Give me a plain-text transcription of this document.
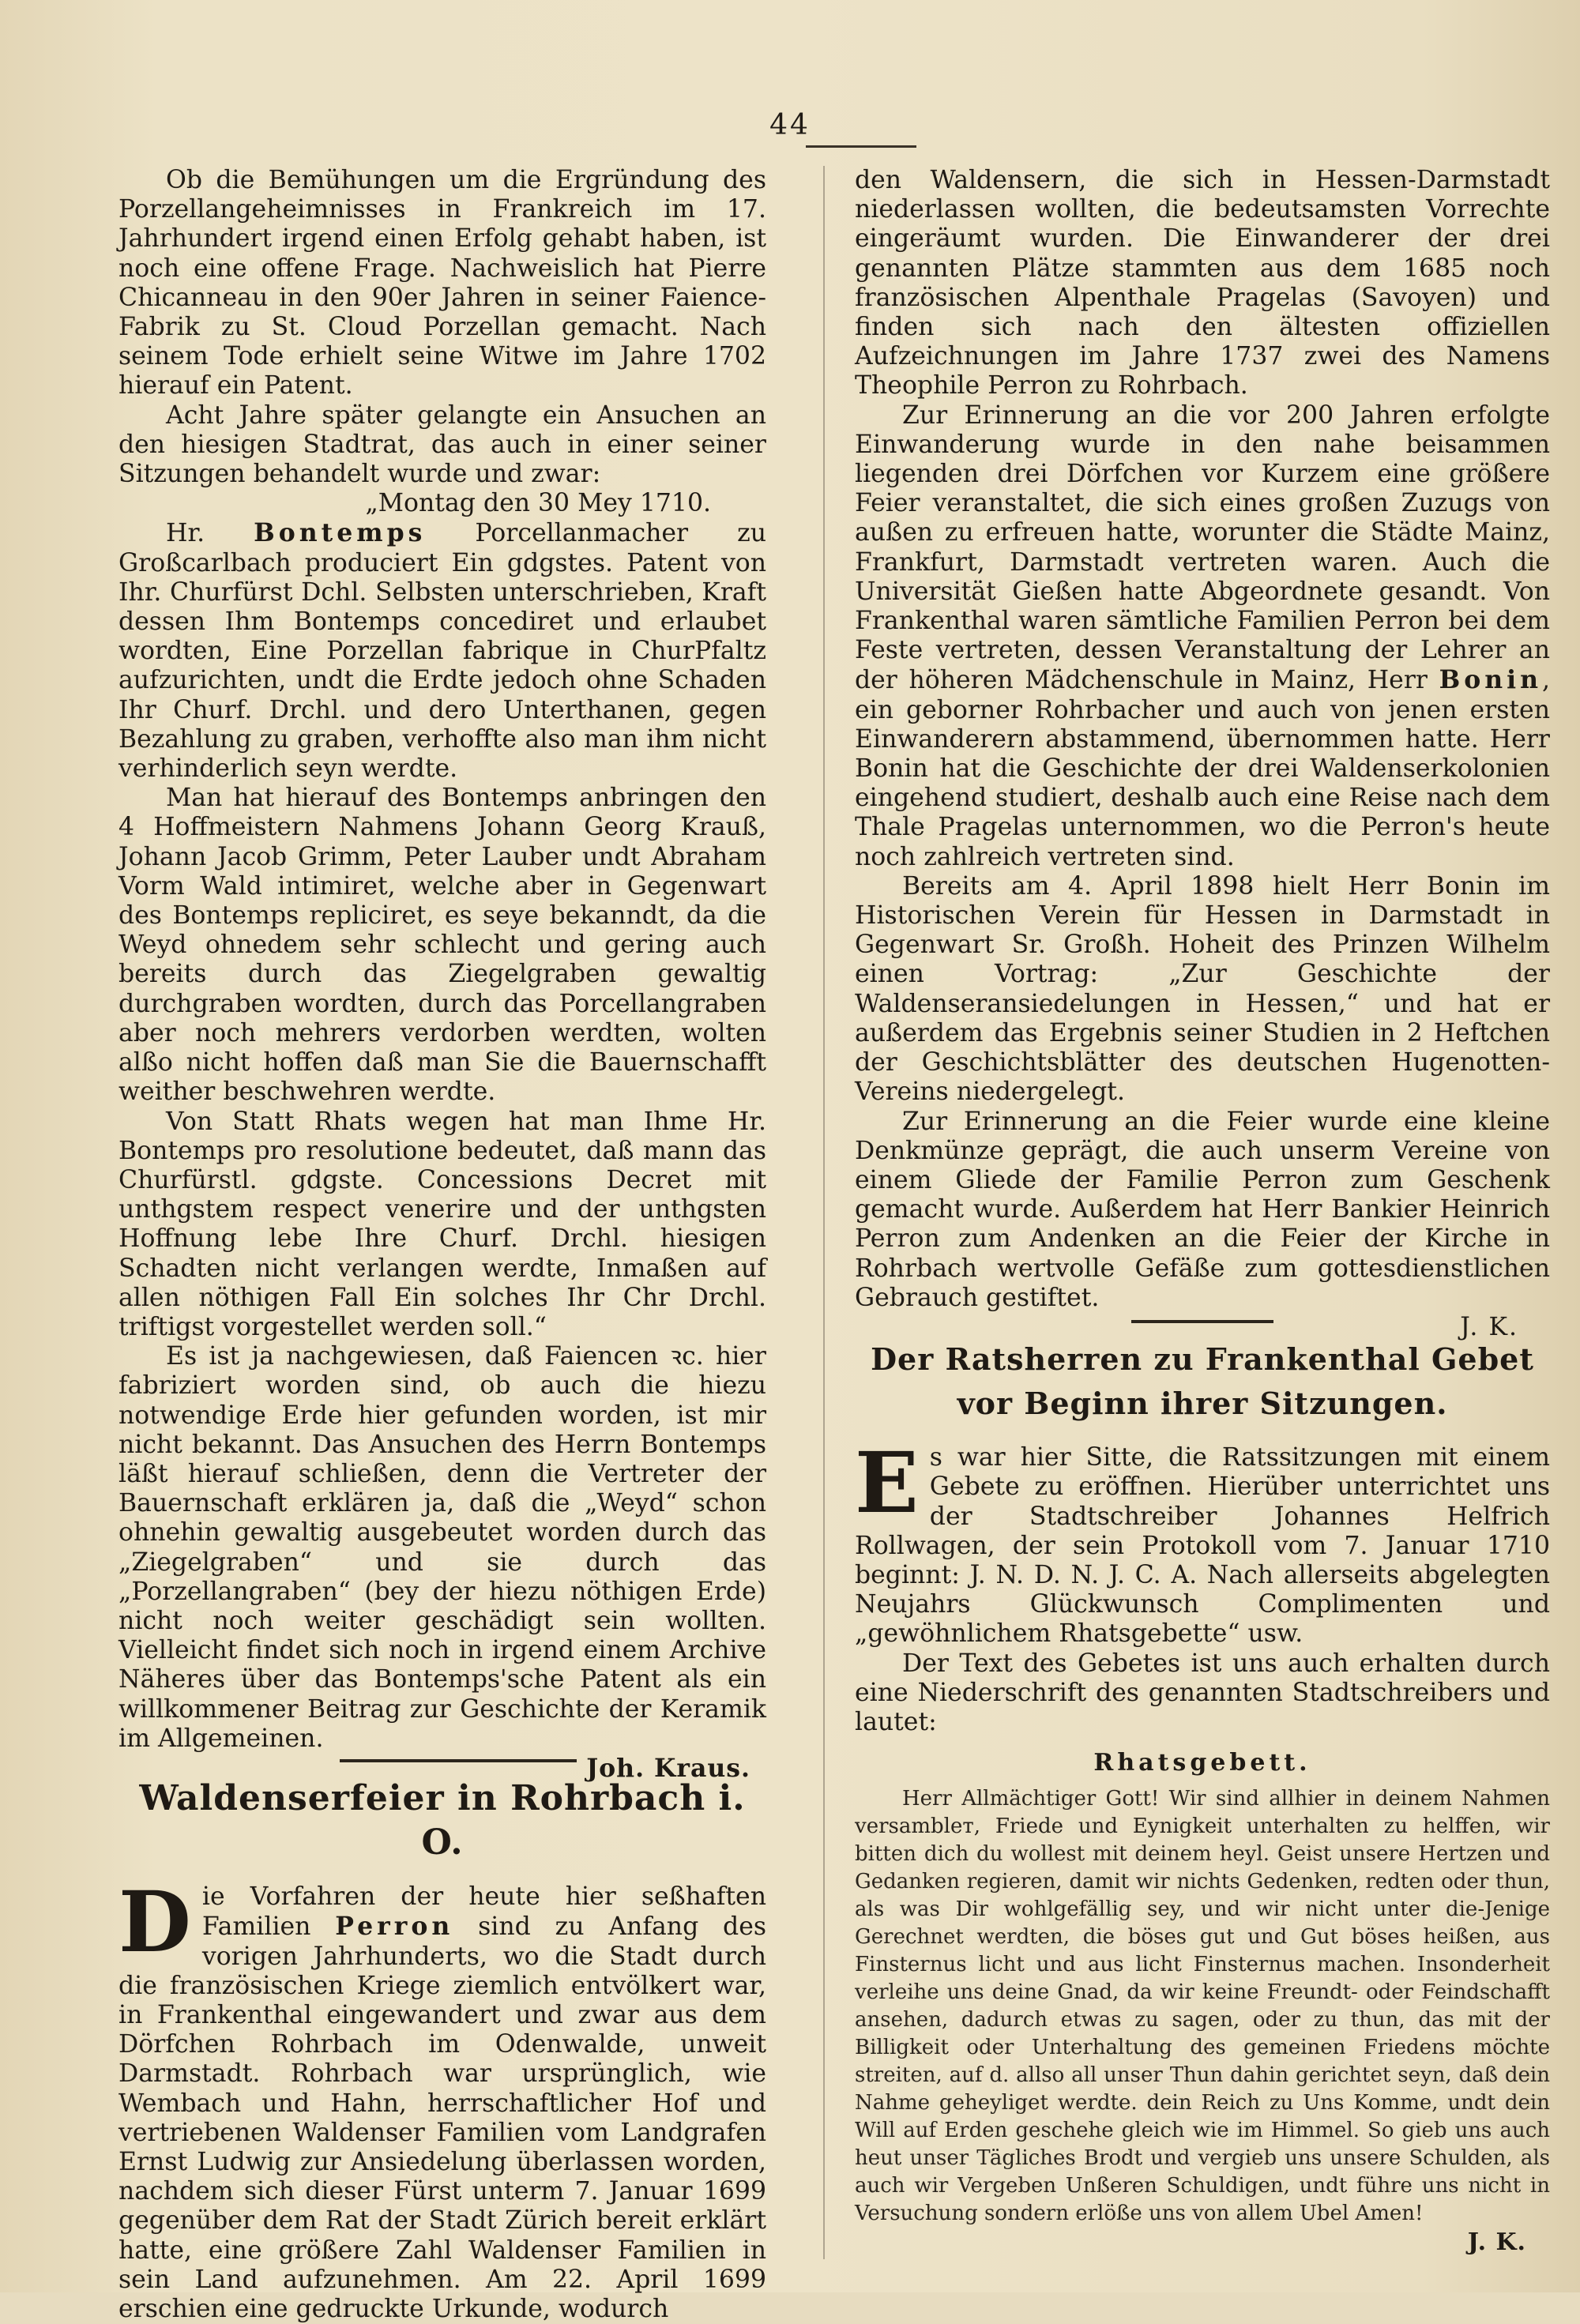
44

Ob die Bemühungen um die Ergründung des Porzellangeheimnisses in Frankreich im 17. Jahrhundert irgend einen Erfolg gehabt haben, ist noch eine offene Frage. Nachweislich hat Pierre Chicanneau in den 90er Jahren in seiner Faience-Fabrik zu St. Cloud Porzellan gemacht. Nach seinem Tode erhielt seine Witwe im Jahre 1702 hierauf ein Patent.

Acht Jahre später gelangte ein Ansuchen an den hiesigen Stadtrat, das auch in einer seiner Sitzungen behandelt wurde und zwar:

„Montag den 30 Mey 1710.

Hr. Bontemps Porcellanmacher zu Großcarlbach produciert Ein gdgstes. Patent von Ihr. Churfürst Dchl. Selbsten unterschrieben, Kraft dessen Ihm Bontemps concediret und erlaubet wordten, Eine Porzellan fabrique in ChurPfaltz aufzurichten, undt die Erdte jedoch ohne Schaden Ihr Churf. Drchl. und dero Unterthanen, gegen Bezahlung zu graben, verhoffte also man ihm nicht verhinderlich seyn werdte.

Man hat hierauf des Bontemps anbringen den 4 Hoffmeistern Nahmens Johann Georg Krauß, Johann Jacob Grimm, Peter Lauber undt Abraham Vorm Wald intimiret, welche aber in Gegenwart des Bontemps repliciret, es seye bekanndt, da die Weyd ohnedem sehr schlecht und gering auch bereits durch das Ziegelgraben gewaltig durchgraben wordten, durch das Porcellangraben aber noch mehrers verdorben werdten, wolten alßo nicht hoffen daß man Sie die Bauernschafft weither beschwehren werdte.

Von Statt Rhats wegen hat man Ihme Hr. Bontemps pro resolutione bedeutet, daß mann das Churfürstl. gdgste. Concessions Decret mit unthgstem respect venerire und der unthgsten Hoffnung lebe Ihre Churf. Drchl. hiesigen Schadten nicht verlangen werdte, Inmaßen auf allen nöthigen Fall Ein solches Ihr Chr Drchl. triftigst vorgestellet werden soll.“

Es ist ja nachgewiesen, daß Faiencen ꝛc. hier fabriziert worden sind, ob auch die hiezu notwendige Erde hier gefunden worden, ist mir nicht bekannt. Das Ansuchen des Herrn Bontemps läßt hierauf schließen, denn die Vertreter der Bauernschaft erklären ja, daß die „Weyd“ schon ohnehin gewaltig ausgebeutet worden durch das „Ziegelgraben“ und sie durch das „Porzellangraben“ (bey der hiezu nöthigen Erde) nicht noch weiter geschädigt sein wollten. Vielleicht findet sich noch in irgend einem Archive Näheres über das Bontemps'sche Patent als ein willkommener Beitrag zur Geschichte der Keramik im Allgemeinen.

Joh. Kraus.
Waldenserfeier in Rohrbach i. O.

Die Vorfahren der heute hier seßhaften Familien Perron sind zu Anfang des vorigen Jahrhunderts, wo die Stadt durch die französischen Kriege ziemlich entvölkert war, in Frankenthal eingewandert und zwar aus dem Dörfchen Rohrbach im Odenwalde, unweit Darmstadt. Rohrbach war ursprünglich, wie Wembach und Hahn, herrschaftlicher Hof und vertriebenen Waldenser Familien vom Landgrafen Ernst Ludwig zur Ansiedelung überlassen worden, nachdem sich dieser Fürst unterm 7. Januar 1699 gegenüber dem Rat der Stadt Zürich bereit erklärt hatte, eine größere Zahl Waldenser Familien in sein Land aufzunehmen. Am 22. April 1699 erschien eine gedruckte Urkunde, wodurch

den Waldensern, die sich in Hessen-Darmstadt niederlassen wollten, die bedeutsamsten Vorrechte eingeräumt wurden. Die Einwanderer der drei genannten Plätze stammten aus dem 1685 noch französischen Alpenthale Pragelas (Savoyen) und finden sich nach den ältesten offiziellen Aufzeichnungen im Jahre 1737 zwei des Namens Theophile Perron zu Rohrbach.

Zur Erinnerung an die vor 200 Jahren erfolgte Einwanderung wurde in den nahe beisammen liegenden drei Dörfchen vor Kurzem eine größere Feier veranstaltet, die sich eines großen Zuzugs von außen zu erfreuen hatte, worunter die Städte Mainz, Frankfurt, Darmstadt vertreten waren. Auch die Universität Gießen hatte Abgeordnete gesandt. Von Frankenthal waren sämtliche Familien Perron bei dem Feste vertreten, dessen Veranstaltung der Lehrer an der höheren Mädchenschule in Mainz, Herr Bonin, ein geborner Rohrbacher und auch von jenen ersten Einwanderern abstammend, übernommen hatte. Herr Bonin hat die Geschichte der drei Waldenserkolonien eingehend studiert, deshalb auch eine Reise nach dem Thale Pragelas unternommen, wo die Perron's heute noch zahlreich vertreten sind.

Bereits am 4. April 1898 hielt Herr Bonin im Historischen Verein für Hessen in Darmstadt in Gegenwart Sr. Großh. Hoheit des Prinzen Wilhelm einen Vortrag: „Zur Geschichte der Waldenseransiedelungen in Hessen,“ und hat er außerdem das Ergebnis seiner Studien in 2 Heftchen der Geschichtsblätter des deutschen Hugenotten-Vereins niedergelegt.

Zur Erinnerung an die Feier wurde eine kleine Denkmünze geprägt, die auch unserm Vereine von einem Gliede der Familie Perron zum Geschenk gemacht wurde. Außerdem hat Herr Bankier Heinrich Perron zum Andenken an die Feier der Kirche in Rohrbach wertvolle Gefäße zum gottesdienstlichen Gebrauch gestiftet.

J. K.
Der Ratsherren zu Frankenthal Gebet vor Beginn ihrer Sitzungen.

Es war hier Sitte, die Ratssitzungen mit einem Gebete zu eröffnen. Hierüber unterrichtet uns der Stadtschreiber Johannes Helfrich Rollwagen, der sein Protokoll vom 7. Januar 1710 beginnt: J. N. D. N. J. C. A. Nach allerseits abgelegten Neujahrs Glückwunsch Complimenten und „gewöhnlichem Rhatsgebette“ usw.

Der Text des Gebetes ist uns auch erhalten durch eine Niederschrift des genannten Stadtschreibers und lautet:

Rhatsgebett.

Herr Allmächtiger Gott! Wir sind allhier in deinem Nahmen versambleт, Friede und Eynigkeit unterhalten zu helffen, wir bitten dich du wollest mit deinem heyl. Geist unsere Hertzen und Gedanken regieren, damit wir nichts Gedenken, redten oder thun, als was Dir wohlgefällig sey, und wir nicht unter die-Jenige Gerechnet werdten, die böses gut und Gut böses heißen, aus Finsternus licht und aus licht Finsternus machen. Insonderheit verleihe uns deine Gnad, da wir keine Freundt- oder Feindschafft ansehen, dadurch etwas zu sagen, oder zu thun, das mit der Billigkeit oder Unterhaltung des gemeinen Friedens möchte streiten, auf d. allso all unser Thun dahin gerichtet seyn, daß dein Nahme geheyliget werdte. dein Reich zu Uns Komme, undt dein Will auf Erden geschehe gleich wie im Himmel. So gieb uns auch heut unser Tägliches Brodt und vergieb uns unsere Schulden, als auch wir Vergeben Unßeren Schuldigen, undt führe uns nicht in Versuchung sondern erlöße uns von allem Ubel Amen!

J. K.
